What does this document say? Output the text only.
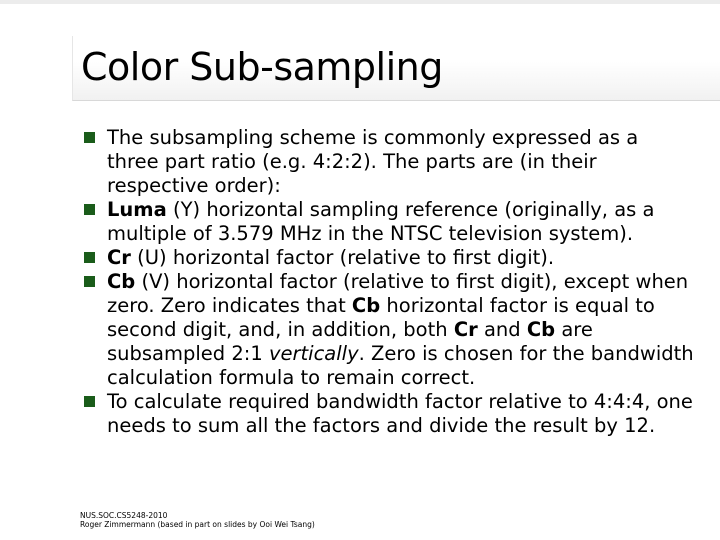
Color Sub-sampling
The subsampling scheme is commonly expressed as a three part ratio (e.g. 4:2:2). The parts are (in their respective order):
Luma (Y) horizontal sampling reference (originally, as a multiple of 3.579 MHz in the NTSC television system).
Cr (U) horizontal factor (relative to first digit).
Cb (V) horizontal factor (relative to first digit), except when zero. Zero indicates that Cb horizontal factor is equal to second digit, and, in addition, both Cr and Cb are subsampled 2:1 vertically. Zero is chosen for the bandwidth calculation formula to remain correct.
To calculate required bandwidth factor relative to 4:4:4, one needs to sum all the factors and divide the result by 12.
NUS.SOC.CS5248-2010
Roger Zimmermann (based in part on slides by Ooi Wei Tsang)
